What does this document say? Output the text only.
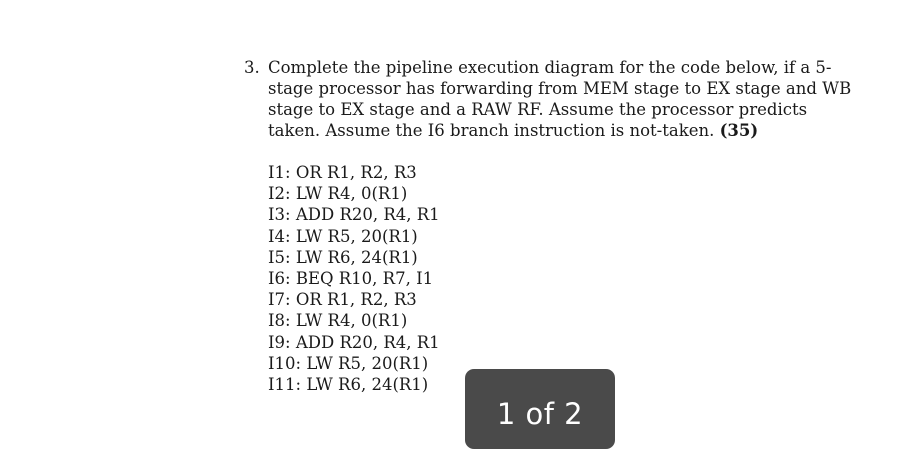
3. Complete the pipeline execution diagram for the code below, if a 5-stage processor has forwarding from MEM stage to EX stage and WB stage to EX stage and a RAW RF. Assume the processor predicts taken. Assume the I6 branch instruction is not-taken. (35)
I1: OR R1, R2, R3
I2: LW R4, 0(R1)
I3: ADD R20, R4, R1
I4: LW R5, 20(R1)
I5: LW R6, 24(R1)
I6: BEQ R10, R7, I1
I7: OR R1, R2, R3
I8: LW R4, 0(R1)
I9: ADD R20, R4, R1
I10: LW R5, 20(R1)
I11: LW R6, 24(R1)
1 of 2
